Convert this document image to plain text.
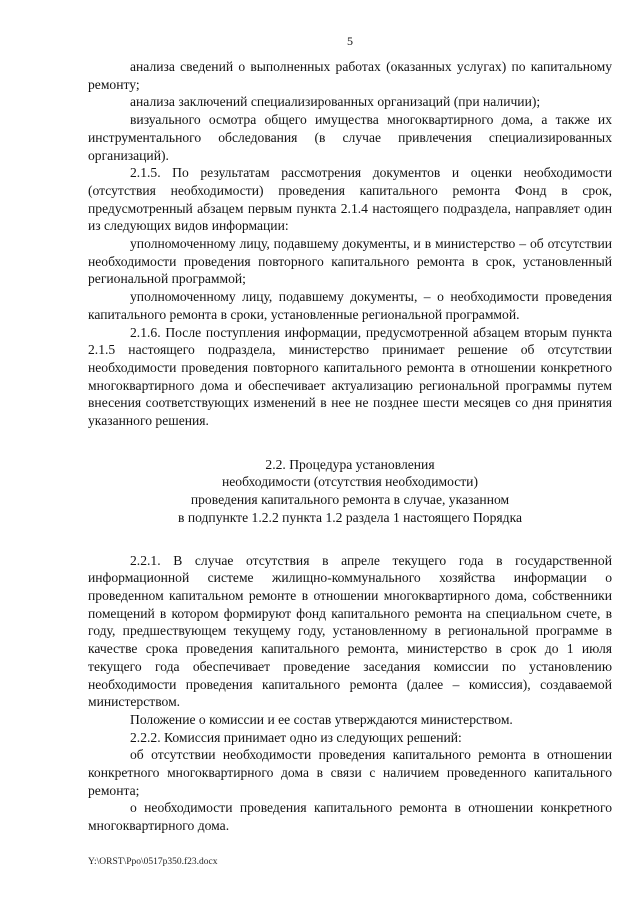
5

анализа сведений о выполненных работах (оказанных услугах) по капитальному ремонту;

анализа заключений специализированных организаций (при наличии);

визуального осмотра общего имущества многоквартирного дома, а также их инструментального обследования (в случае привлечения специализированных организаций).

2.1.5. По результатам рассмотрения документов и оценки необходимости (отсутствия необходимости) проведения капитального ремонта Фонд в срок, предусмотренный абзацем первым пункта 2.1.4 настоящего подраздела, направляет один из следующих видов информации:

уполномоченному лицу, подавшему документы, и в министерство – об отсутствии необходимости проведения повторного капитального ремонта в срок, установленный региональной программой;

уполномоченному лицу, подавшему документы, – о необходимости проведения капитального ремонта в сроки, установленные региональной программой.

2.1.6. После поступления информации, предусмотренной абзацем вторым пункта 2.1.5 настоящего подраздела, министерство принимает решение об отсутствии необходимости проведения повторного капитального ремонта в отношении конкретного многоквартирного дома и обеспечивает актуализацию региональной программы путем внесения соответствующих изменений в нее не позднее шести месяцев со дня принятия указанного решения.

2.2. Процедура установления
необходимости (отсутствия необходимости)
проведения капитального ремонта в случае, указанном
в подпункте 1.2.2 пункта 1.2 раздела 1 настоящего Порядка

2.2.1. В случае отсутствия в апреле текущего года в государственной информационной системе жилищно-коммунального хозяйства информации о проведенном капитальном ремонте в отношении многоквартирного дома, собственники помещений в котором формируют фонд капитального ремонта на специальном счете, в году, предшествующем текущему году, установленному в региональной программе в качестве срока проведения капитального ремонта, министерство в срок до 1 июля текущего года обеспечивает проведение заседания комиссии по установлению необходимости проведения капитального ремонта (далее – комиссия), создаваемой министерством.

Положение о комиссии и ее состав утверждаются министерством.

2.2.2. Комиссия принимает одно из следующих решений:

об отсутствии необходимости проведения капитального ремонта в отношении конкретного многоквартирного дома в связи с наличием проведенного капитального ремонта;

о необходимости проведения капитального ремонта в отношении конкретного многоквартирного дома.

Y:\ORST\Ppo\0517p350.f23.docx
